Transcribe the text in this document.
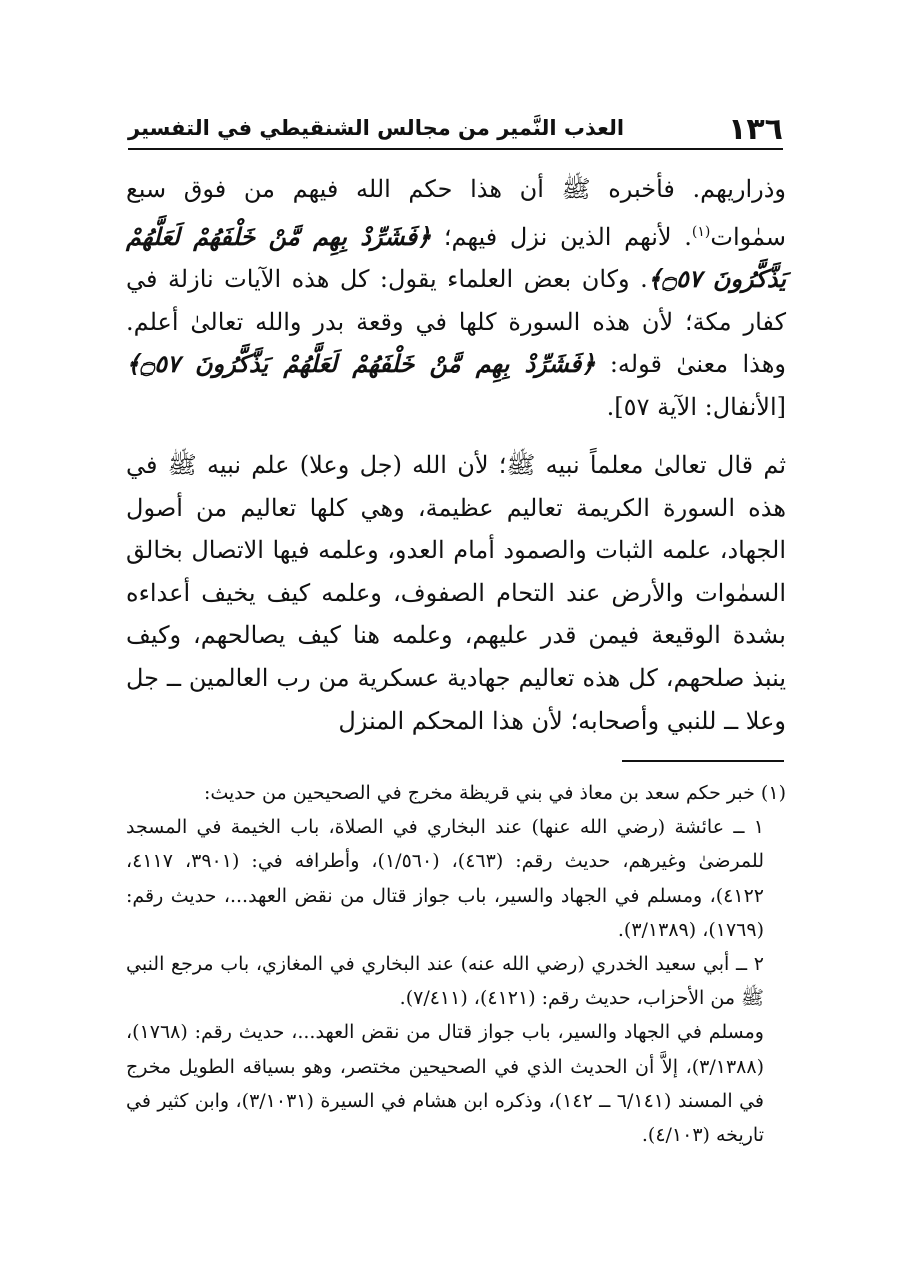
١٣٦
العذب النَّمير من مجالس الشنقيطي في التفسير

وذراريهم. فأخبره ﷺ أن هذا حكم الله فيهم من فوق سبع سمٰوات$^{(١)}$. لأنهم الذين نزل فيهم؛ ﴿فَشَرِّدْ بِهِم مَّنْ خَلْفَهُمْ لَعَلَّهُمْ يَذَّكَّرُونَ ۝٥٧﴾. وكان بعض العلماء يقول: كل هذه الآيات نازلة في كفار مكة؛ لأن هذه السورة كلها في وقعة بدر والله تعالىٰ أعلم. وهذا معنىٰ قوله: ﴿فَشَرِّدْ بِهِم مَّنْ خَلْفَهُمْ لَعَلَّهُمْ يَذَّكَّرُونَ ۝٥٧﴾ [الأنفال: الآية ٥٧].

ثم قال تعالىٰ معلماً نبيه ﷺ؛ لأن الله (جل وعلا) علم نبيه ﷺ في هذه السورة الكريمة تعاليم عظيمة، وهي كلها تعاليم من أصول الجهاد، علمه الثبات والصمود أمام العدو، وعلمه فيها الاتصال بخالق السمٰوات والأرض عند التحام الصفوف، وعلمه كيف يخيف أعداءه بشدة الوقيعة فيمن قدر عليهم، وعلمه هنا كيف يصالحهم، وكيف ينبذ صلحهم، كل هذه تعاليم جهادية عسكرية من رب العالمين ــ جل وعلا ــ للنبي وأصحابه؛ لأن هذا المحكم المنزل

(١) خبر حكم سعد بن معاذ في بني قريظة مخرج في الصحيحين من حديث:

١ ــ عائشة (رضي الله عنها) عند البخاري في الصلاة، باب الخيمة في المسجد للمرضىٰ وغيرهم، حديث رقم: (٤٦٣)، (١/٥٦٠)، وأطرافه في: (٣٩٠١، ٤١١٧، ٤١٢٢)، ومسلم في الجهاد والسير، باب جواز قتال من نقض العهد...، حديث رقم: (١٧٦٩)، (٣/١٣٨٩).

٢ ــ أبي سعيد الخدري (رضي الله عنه) عند البخاري في المغازي، باب مرجع النبي ﷺ من الأحزاب، حديث رقم: (٤١٢١)، (٧/٤١١).

ومسلم في الجهاد والسير، باب جواز قتال من نقض العهد...، حديث رقم: (١٧٦٨)، (٣/١٣٨٨)، إلاَّ أن الحديث الذي في الصحيحين مختصر، وهو بسياقه الطويل مخرج في المسند (٦/١٤١ ــ ١٤٢)، وذكره ابن هشام في السيرة (٣/١٠٣١)، وابن كثير في تاريخه (٤/١٠٣).
